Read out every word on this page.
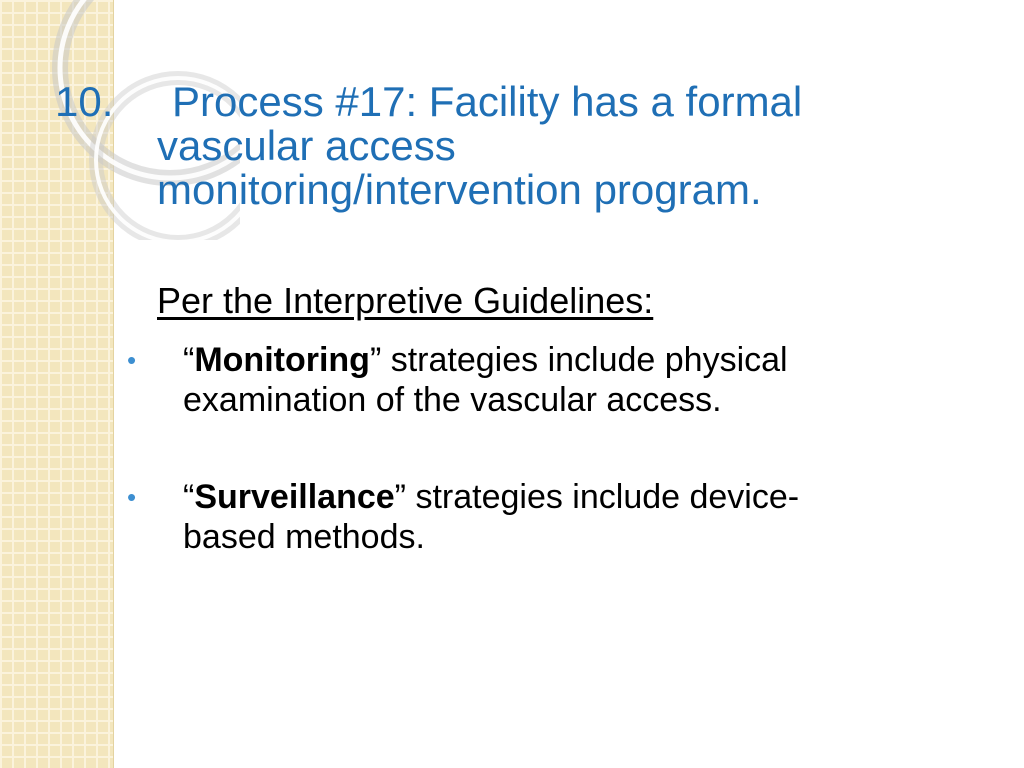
10.	Process #17: Facility has a formal
vascular access
monitoring/intervention program.
Per the Interpretive Guidelines:
• “Monitoring” strategies include physical
examination of the vascular access.
• “Surveillance” strategies include device-
based methods.
